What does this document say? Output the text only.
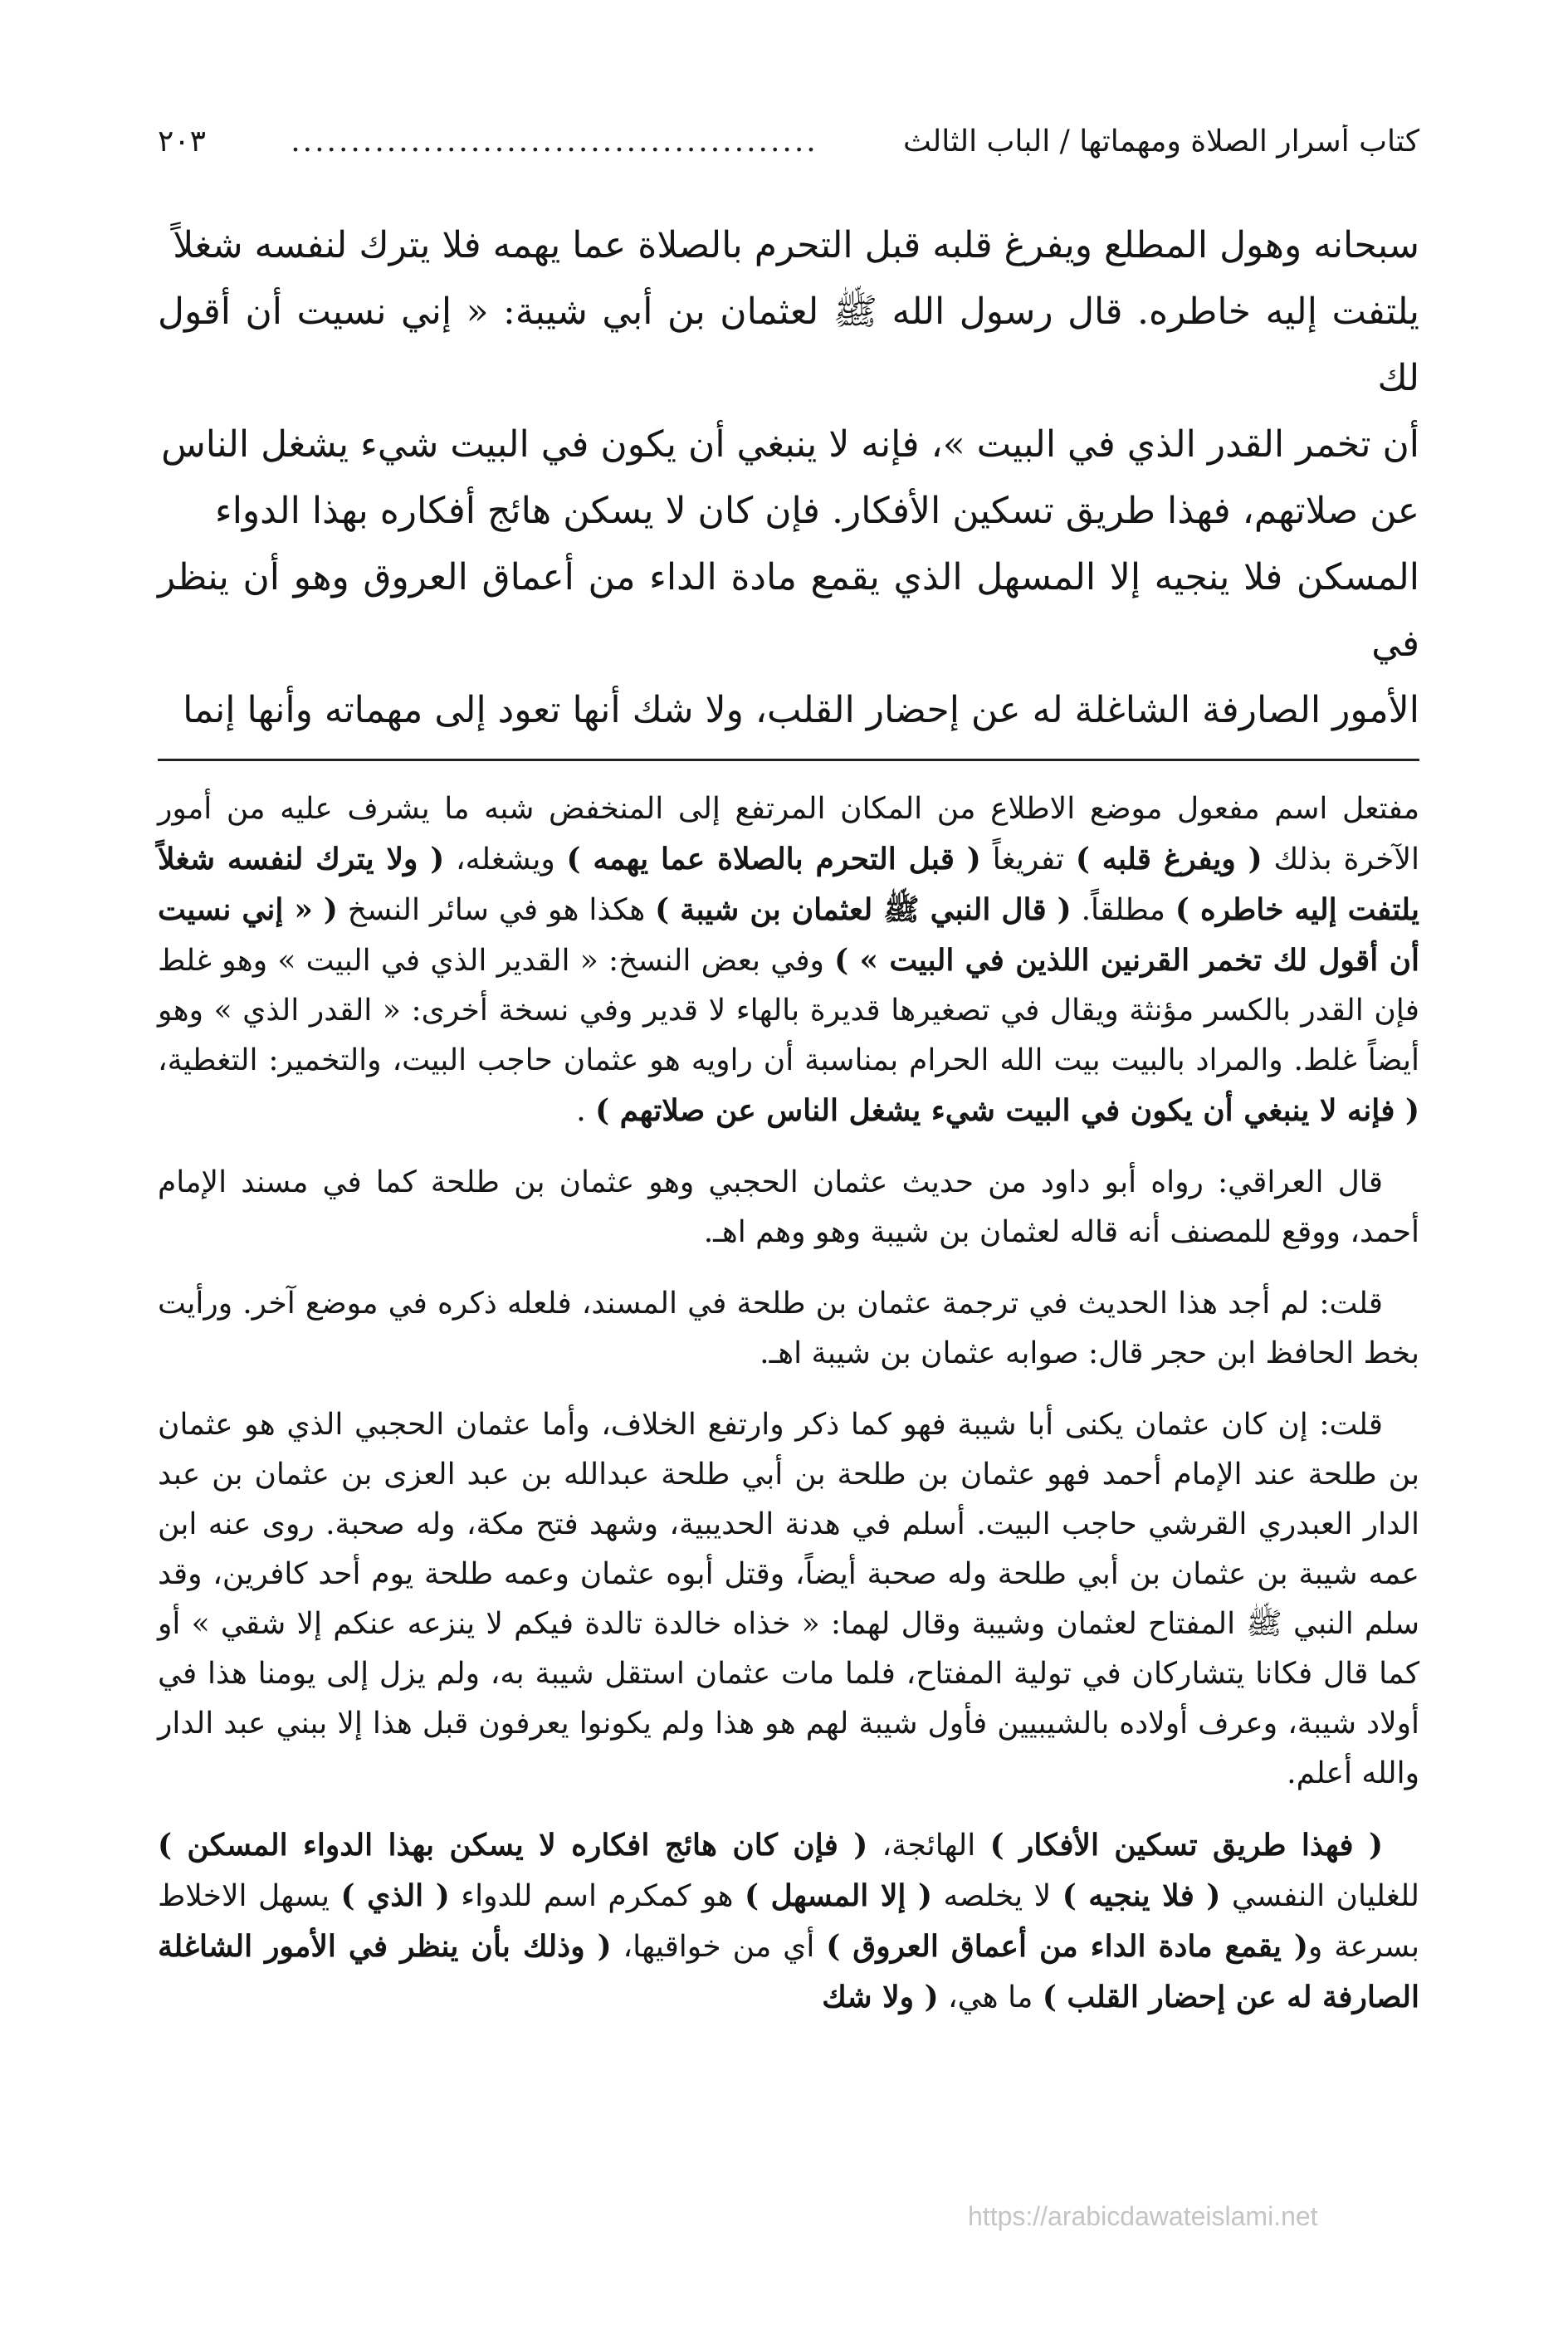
كتاب أسرار الصلاة ومهماتها / الباب الثالث
............................................
٢٠٣

سبحانه وهول المطلع ويفرغ قلبه قبل التحرم بالصلاة عما يهمه فلا يترك لنفسه شغلاً

يلتفت إليه خاطره. قال رسول الله ﷺ لعثمان بن أبي شيبة: « إني نسيت أن أقول لك

أن تخمر القدر الذي في البيت »، فإنه لا ينبغي أن يكون في البيت شيء يشغل الناس

عن صلاتهم، فهذا طريق تسكين الأفكار. فإن كان لا يسكن هائج أفكاره بهذا الدواء

المسكن فلا ينجيه إلا المسهل الذي يقمع مادة الداء من أعماق العروق وهو أن ينظر في

الأمور الصارفة الشاغلة له عن إحضار القلب، ولا شك أنها تعود إلى مهماته وأنها إنما

مفتعل اسم مفعول موضع الاطلاع من المكان المرتفع إلى المنخفض شبه ما يشرف عليه من أمور الآخرة بذلك ( ويفرغ قلبه ) تفريغاً ( قبل التحرم بالصلاة عما يهمه ) ويشغله، ( ولا يترك لنفسه شغلاً يلتفت إليه خاطره ) مطلقاً. ( قال النبي ﷺ لعثمان بن شيبة ) هكذا هو في سائر النسخ ( « إني نسيت أن أقول لك تخمر القرنين اللذين في البيت » ) وفي بعض النسخ: « القدير الذي في البيت » وهو غلط فإن القدر بالكسر مؤنثة ويقال في تصغيرها قديرة بالهاء لا قدير وفي نسخة أخرى: « القدر الذي » وهو أيضاً غلط. والمراد بالبيت بيت الله الحرام بمناسبة أن راويه هو عثمان حاجب البيت، والتخمير: التغطية، ( فإنه لا ينبغي أن يكون في البيت شيء يشغل الناس عن صلاتهم ) .

قال العراقي: رواه أبو داود من حديث عثمان الحجبي وهو عثمان بن طلحة كما في مسند الإمام أحمد، ووقع للمصنف أنه قاله لعثمان بن شيبة وهو وهم اهـ.

قلت: لم أجد هذا الحديث في ترجمة عثمان بن طلحة في المسند، فلعله ذكره في موضع آخر. ورأيت بخط الحافظ ابن حجر قال: صوابه عثمان بن شيبة اهـ.

قلت: إن كان عثمان يكنى أبا شيبة فهو كما ذكر وارتفع الخلاف، وأما عثمان الحجبي الذي هو عثمان بن طلحة عند الإمام أحمد فهو عثمان بن طلحة بن أبي طلحة عبدالله بن عبد العزى بن عثمان بن عبد الدار العبدري القرشي حاجب البيت. أسلم في هدنة الحديبية، وشهد فتح مكة، وله صحبة. روى عنه ابن عمه شيبة بن عثمان بن أبي طلحة وله صحبة أيضاً، وقتل أبوه عثمان وعمه طلحة يوم أحد كافرين، وقد سلم النبي ﷺ المفتاح لعثمان وشيبة وقال لهما: « خذاه خالدة تالدة فيكم لا ينزعه عنكم إلا شقي » أو كما قال فكانا يتشاركان في تولية المفتاح، فلما مات عثمان استقل شيبة به، ولم يزل إلى يومنا هذا في أولاد شيبة، وعرف أولاده بالشيبيين فأول شيبة لهم هو هذا ولم يكونوا يعرفون قبل هذا إلا ببني عبد الدار والله أعلم.

( فهذا طريق تسكين الأفكار ) الهائجة، ( فإن كان هائج افكاره لا يسكن بهذا الدواء المسكن ) للغليان النفسي ( فلا ينجيه ) لا يخلصه ( إلا المسهل ) هو كمكرم اسم للدواء ( الذي ) يسهل الاخلاط بسرعة و( يقمع مادة الداء من أعماق العروق ) أي من خواقيها، ( وذلك بأن ينظر في الأمور الشاغلة الصارفة له عن إحضار القلب ) ما هي، ( ولا شك

https://arabicdawateislami.net
